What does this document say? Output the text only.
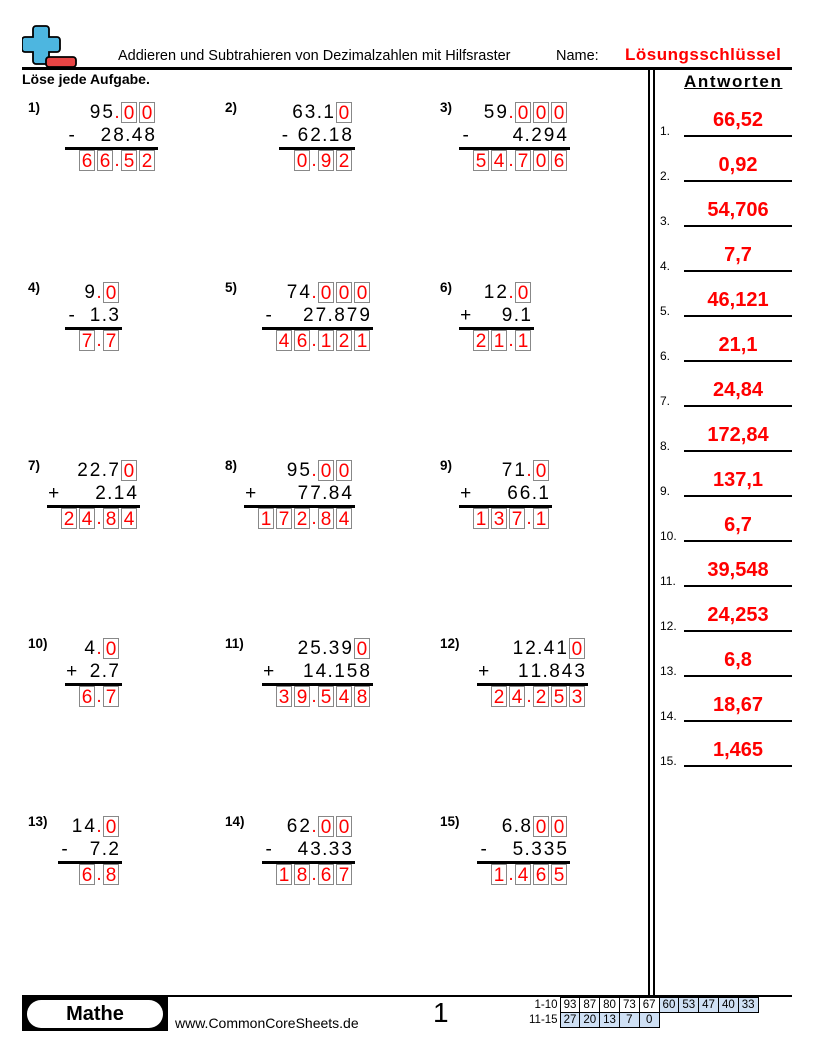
Addieren und Subtrahieren von Dezimalzahlen mit Hilfsraster	Name: Lösungsschlüssel
Löse jede Aufgabe.	Antworten
1.	66,52
2.	0,92
3.	54,706
4.	7,7
5.	46,121
6.	21,1
7.	24,84
8.	172,84
9.	137,1
10.	6,7
11.	39,548
12.	24,253
13.	6,8
14.	18,67
15.	1,465
1)	9 5 . 0 0
2 8 . 4 8
6 6 . 5 2
-
2)	6 3 . 1 0
6 2 . 1 8
0 . 9 2
-
3) 5 9 . 0 0 0
4 . 2 9 4
5 4 . 7 0 6
-
4) 9 . 0
1 . 3
7 . 7
-
5)	7 4 . 0 0 0
2 7 . 8 7 9
4 6 . 1 2 1
-
6) 1 2 . 0
9 . 1
2 1 . 1
+
7) 2 2 . 7 0
2 . 1 4
2 4 . 8 4
+
8)	9 5 . 0 0
7 7 . 8 4
1 7 2 . 8 4
+
9)	7 1 . 0
6 6 . 1
1 3 7 . 1
+
10) 4 . 0
2 . 7
6 . 7
+
11)	2 5 . 3 9 0
1 4 . 1 5 8
3 9 . 5 4 8
+
12)	1 2 . 4 1 0
1 1 . 8 4 3
2 4 . 2 5 3
+
13) 1 4 . 0
7 . 2
6 . 8
-
14) 6 2 . 0 0
4 3 . 3 3
1 8 . 6 7
-
15) 6 . 8 0 0
5 . 3 3 5
1 . 4 6 5
-
Mathe	www.CommonCoreSheets.de	1	1-10	93	87	80	73	67	60	53	47	40	33
11-15	27	20	13	7	0					
